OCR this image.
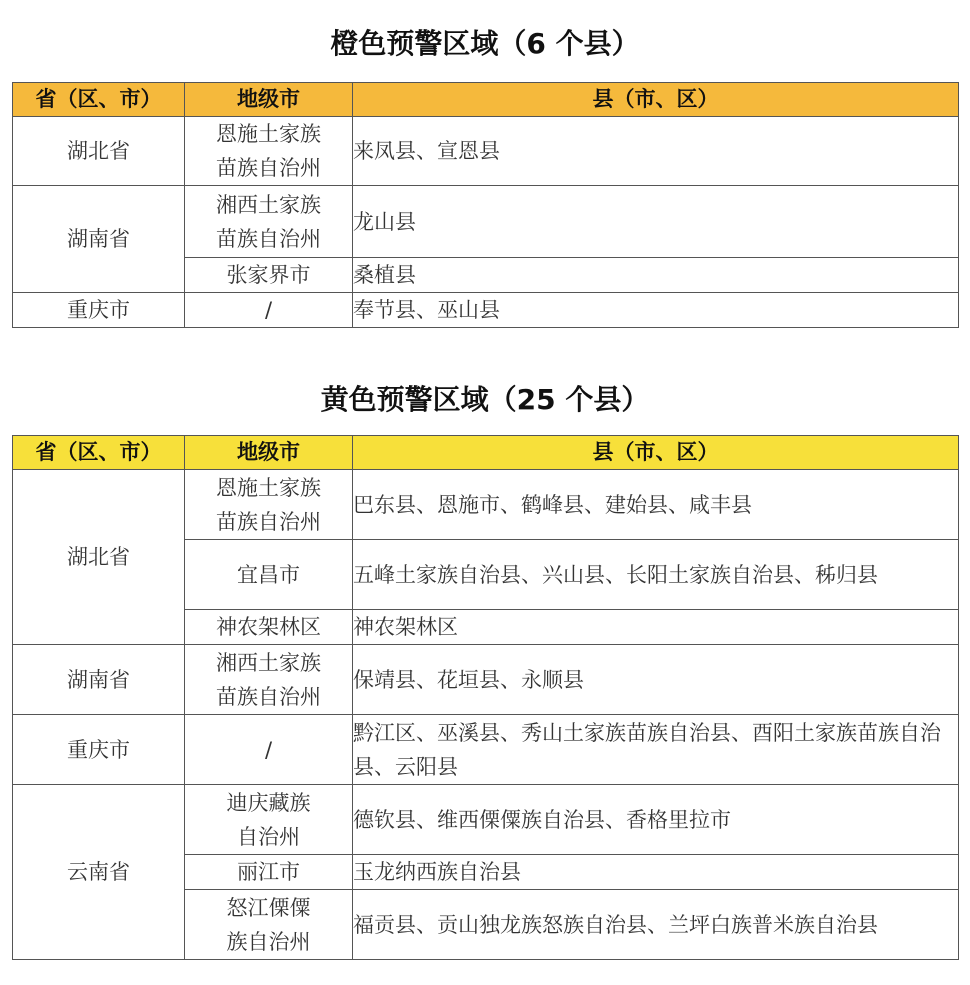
橙色预警区域（6 个县）
省（区、市）	地级市	县（市、区）
湖北省	恩施土家族苗族自治州	来凤县、宣恩县
湖南省	湘西土家族苗族自治州	龙山县
	张家界市	桑植县
重庆市	/	奉节县、巫山县
黄色预警区域（25 个县）
省（区、市）	地级市	县（市、区）
湖北省	恩施土家族苗族自治州	巴东县、恩施市、鹤峰县、建始县、咸丰县
	宜昌市	五峰土家族自治县、兴山县、长阳土家族自治县、秭归县
	神农架林区	神农架林区
湖南省	湘西土家族苗族自治州	保靖县、花垣县、永顺县
重庆市	/	黔江区、巫溪县、秀山土家族苗族自治县、酉阳土家族苗族自治县、云阳县
云南省	迪庆藏族自治州	德钦县、维西傈僳族自治县、香格里拉市
	丽江市	玉龙纳西族自治县

	怒江傈僳族自治州	福贡县、贡山独龙族怒族自治县、兰坪白族普米族自治县
